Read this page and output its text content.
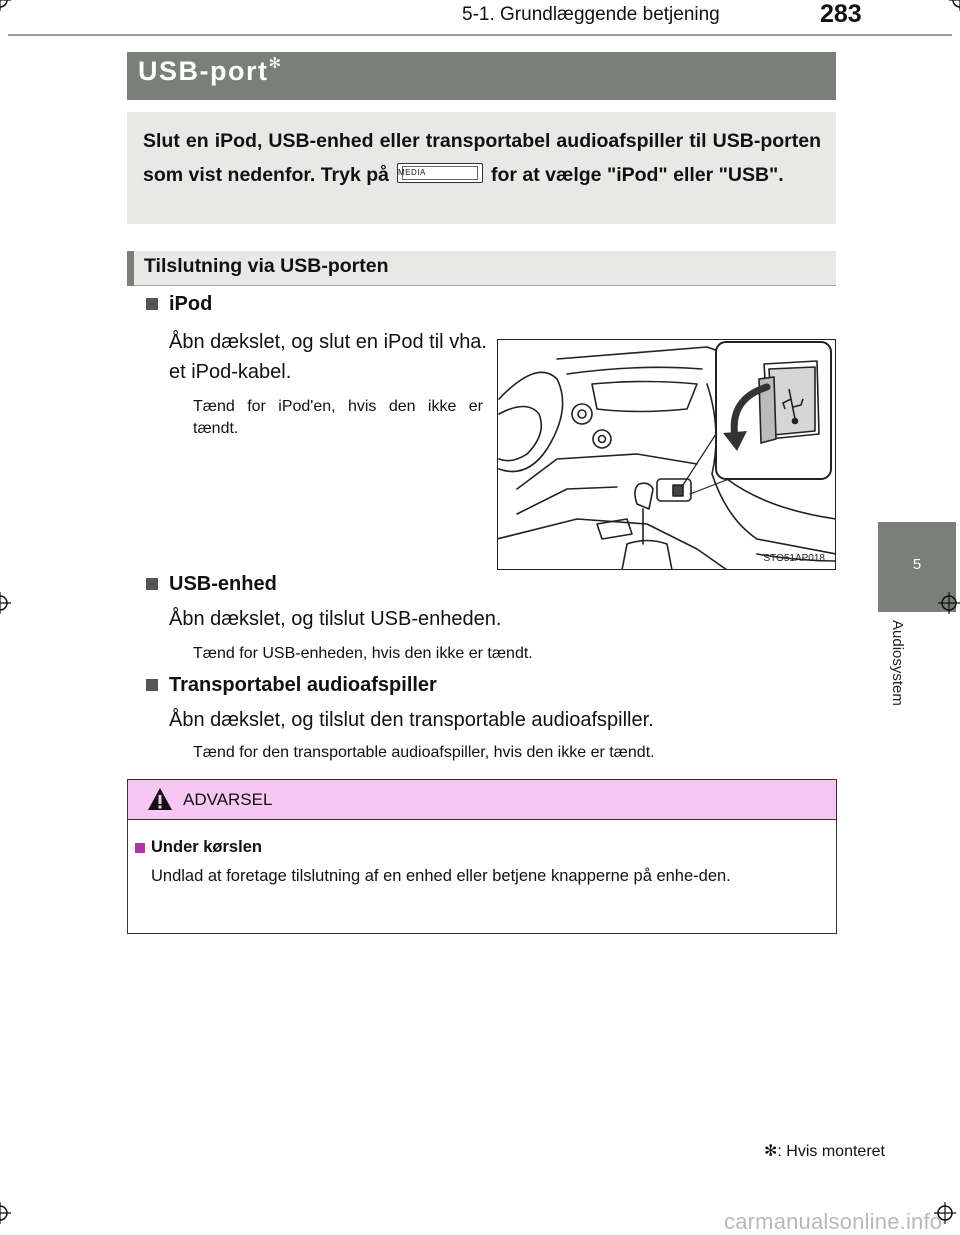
5-1. Grundlæggende betjening	283
5
Audiosystem
USB-port✻
Slut en iPod, USB-enhed eller transportabel audioafspiller til USB-porten som vist nedenfor. Tryk på MEDIA	for at vælge "iPod" eller "USB".
Tilslutning via USB-porten
iPod
Åbn dækslet, og slut en iPod til vha. et iPod-kabel.
Tænd for iPod'en, hvis den ikke er tændt.
STO51AP018
USB-enhed
Åbn dækslet, og tilslut USB-enheden.
Tænd for USB-enheden, hvis den ikke er tændt.
Transportabel audioafspiller
Åbn dækslet, og tilslut den transportable audioafspiller.
Tænd for den transportable audioafspiller, hvis den ikke er tændt.
ADVARSEL
Under kørslen
Undlad at foretage tilslutning af en enhed eller betjene knapperne på enhe-den.
✻: Hvis monteret
carmanualsonline.info
